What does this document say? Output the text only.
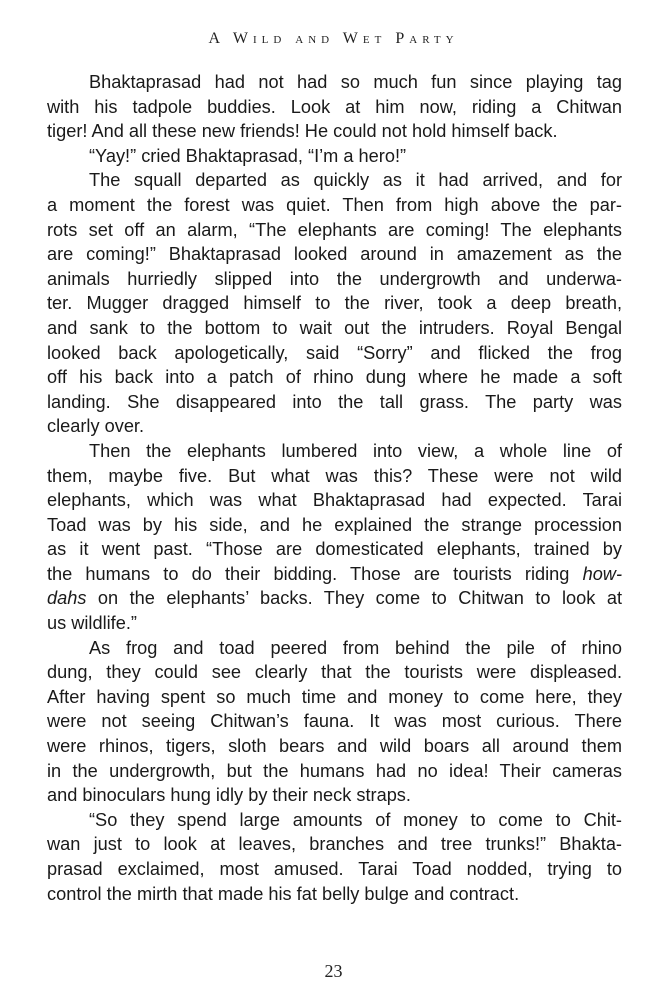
A Wild and Wet Party
Bhaktaprasad had not had so much fun since playing tag
with his tadpole buddies. Look at him now, riding a Chitwan
tiger! And all these new friends! He could not hold himself back.
“Yay!” cried Bhaktaprasad, “I’m a hero!”
The squall departed as quickly as it had arrived, and for
a moment the forest was quiet. Then from high above the par-
rots set off an alarm, “The elephants are coming! The elephants
are coming!” Bhaktaprasad looked around in amazement as the
animals hurriedly slipped into the undergrowth and underwa-
ter. Mugger dragged himself to the river, took a deep breath,
and sank to the bottom to wait out the intruders. Royal Bengal
looked back apologetically, said “Sorry” and flicked the frog
off his back into a patch of rhino dung where he made a soft
landing. She disappeared into the tall grass. The party was
clearly over.
Then the elephants lumbered into view, a whole line of
them, maybe five. But what was this? These were not wild
elephants, which was what Bhaktaprasad had expected. Tarai
Toad was by his side, and he explained the strange procession
as it went past. “Those are domesticated elephants, trained by
the humans to do their bidding. Those are tourists riding how-
dahs on the elephants’ backs. They come to Chitwan to look at
us wildlife.”
As frog and toad peered from behind the pile of rhino
dung, they could see clearly that the tourists were displeased.
After having spent so much time and money to come here, they
were not seeing Chitwan’s fauna. It was most curious. There
were rhinos, tigers, sloth bears and wild boars all around them
in the undergrowth, but the humans had no idea! Their cameras
and binoculars hung idly by their neck straps.
“So they spend large amounts of money to come to Chit-
wan just to look at leaves, branches and tree trunks!” Bhakta-
prasad exclaimed, most amused. Tarai Toad nodded, trying to
control the mirth that made his fat belly bulge and contract.
23
